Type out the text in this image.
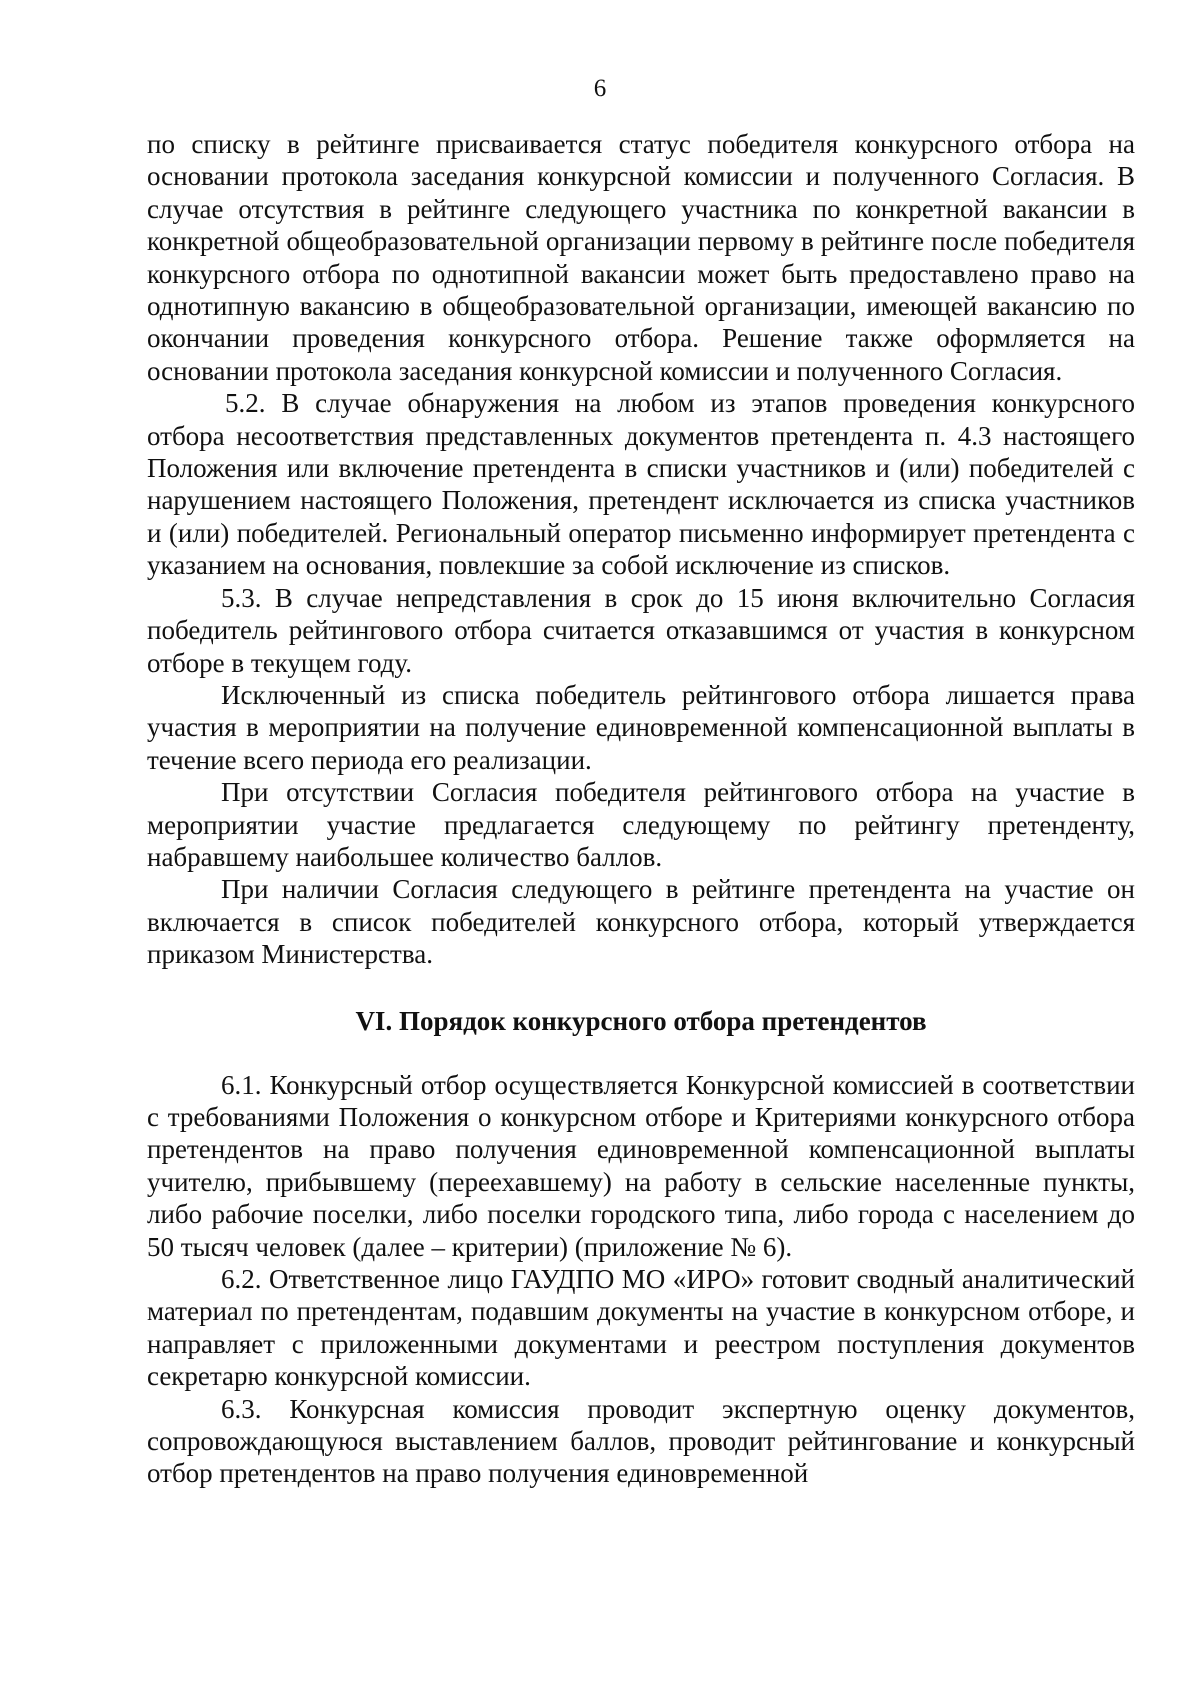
6

по списку в рейтинге присваивается статус победителя конкурсного отбора на основании протокола заседания конкурсной комиссии и полученного Согласия. В случае отсутствия в рейтинге следующего участника по конкретной вакансии в конкретной общеобразовательной организации первому в рейтинге после победителя конкурсного отбора по однотипной вакансии может быть предоставлено право на однотипную вакансию в общеобразовательной организации, имеющей вакансию по окончании проведения конкурсного отбора. Решение также оформляется на основании протокола заседания конкурсной комиссии и полученного Согласия.

5.2. В случае обнаружения на любом из этапов проведения конкурсного отбора несоответствия представленных документов претендента п. 4.3 настоящего Положения или включение претендента в списки участников и (или) победителей с нарушением настоящего Положения, претендент исключается из списка участников и (или) победителей. Региональный оператор письменно информирует претендента с указанием на основания, повлекшие за собой исключение из списков.

5.3. В случае непредставления в срок до 15 июня включительно Согласия победитель рейтингового отбора считается отказавшимся от участия в конкурсном отборе в текущем году.

Исключенный из списка победитель рейтингового отбора лишается права участия в мероприятии на получение единовременной компенсационной выплаты в течение всего периода его реализации.

При отсутствии Согласия победителя рейтингового отбора на участие в мероприятии участие предлагается следующему по рейтингу претенденту, набравшему наибольшее количество баллов.

При наличии Согласия следующего в рейтинге претендента на участие он включается в список победителей конкурсного отбора, который утверждается приказом Министерства.

VI. Порядок конкурсного отбора претендентов

6.1. Конкурсный отбор осуществляется Конкурсной комиссией в соответствии с требованиями Положения о конкурсном отборе и Критериями конкурсного отбора претендентов на право получения единовременной компенсационной выплаты учителю, прибывшему (переехавшему) на работу в сельские населенные пункты, либо рабочие поселки, либо поселки городского типа, либо города с населением до 50 тысяч человек (далее – критерии) (приложение № 6).

6.2. Ответственное лицо ГАУДПО МО «ИРО» готовит сводный аналитический материал по претендентам, подавшим документы на участие в конкурсном отборе, и направляет с приложенными документами и реестром поступления документов секретарю конкурсной комиссии.

6.3. Конкурсная комиссия проводит экспертную оценку документов, сопровождающуюся выставлением баллов, проводит рейтингование и конкурсный отбор претендентов на право получения единовременной
